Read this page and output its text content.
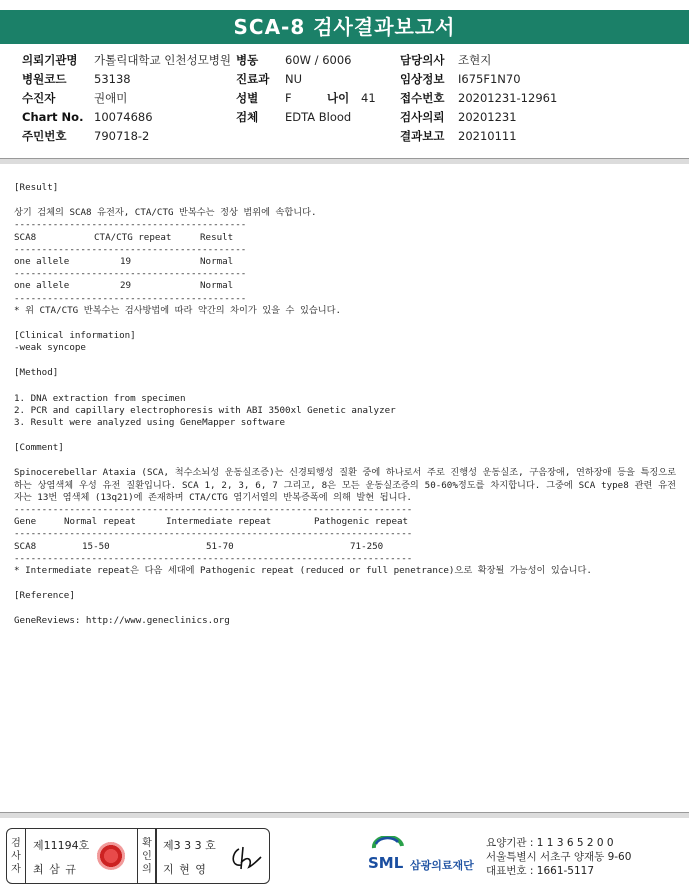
SCA-8 검사결과보고서
의뢰기관명 가톨릭대학교 인천성모병원 병동 60W / 6006	담당의사 조현지
병원코드 53138	진료과 NU	임상정보 I675F1N70
수진자	권애미	성별 F	나이 41 접수번호 20201231-12961
Chart No. 10074686	검체 EDTA Blood	검사의뢰 20201231
주민번호 790718-2	결과보고 20210111
[Result]
상기 검체의 SCA8 유전자, CTA/CTG 반복수는 정상 범위에 속합니다.
------------------------------------------
SCA8	CTA/CTG repeat	Result
------------------------------------------
one allele	19	Normal
------------------------------------------
one allele	29	Normal
------------------------------------------
* 위 CTA/CTG 반복수는 검사방법에 따라 약간의 차이가 있을 수 있습니다.
[Clinical information]
-weak syncope
[Method]
1. DNA extraction from specimen
2. PCR and capillary electrophoresis with ABI 3500xl Genetic analyzer
3. Result were analyzed using GeneMapper software
[Comment]
Spinocerebellar Ataxia (SCA, 척수소뇌성 운동실조증)는 신경퇴행성 질환 중에 하나로서 주로 진행성 운동실조, 구음장애, 연하장애 등을 특징으로 하는 상염색체 우성 유전 질환입니다. SCA 1, 2, 3, 6, 7 그리고, 8은 모든 운동실조증의 50-60%정도를 차지합니다. 그중에 SCA type8 관련 유전자는 13번 염색체 (13q21)에 존재하며 CTA/CTG 염기서열의 반복증폭에 의해 발현 됩니다.
------------------------------------------------------------------------
Gene	Normal repeat	Intermediate repeat	Pathogenic repeat
------------------------------------------------------------------------
SCA8	15-50	51-70	71-250
------------------------------------------------------------------------
* Intermediate repeat은 다음 세대에 Pathogenic repeat (reduced or full penetrance)으로 확장될 가능성이 있습니다.
[Reference]
GeneReviews: http://www.geneclinics.org
검
사
자
제11194호
최 삼 규
확
인
의
제3 3 3 호
지 현 영	SML 삼광의료재단
요양기관 : 1 1 3 6 5 2 0 0
서울특별시 서초구 양재동 9-60
대표번호 : 1661-5117
